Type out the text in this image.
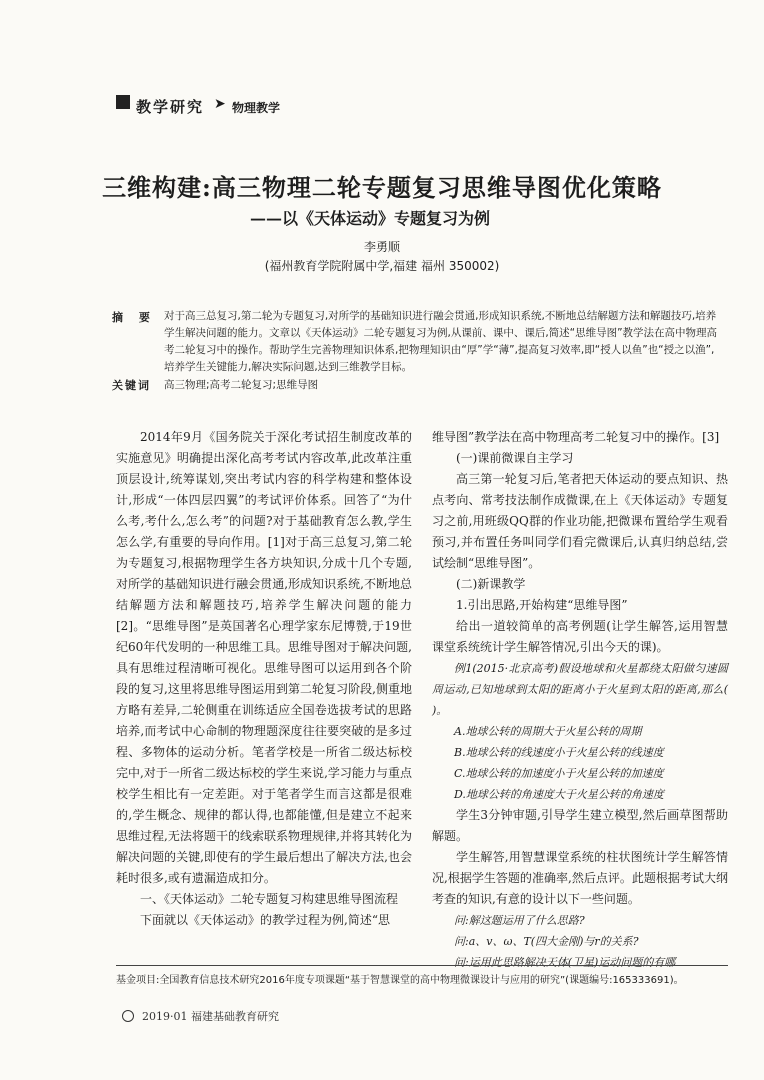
教学研究 ➤ 物理教学
三维构建:高三物理二轮专题复习思维导图优化策略
——以《天体运动》专题复习为例
李勇顺
(福州教育学院附属中学,福建 福州 350002)
摘 要 对于高三总复习,第二轮为专题复习,对所学的基础知识进行融会贯通,形成知识系统,不断地总结解题方法和解题技巧,培养学生解决问题的能力。文章以《天体运动》二轮专题复习为例,从课前、课中、课后,简述“思维导图”教学法在高中物理高考二轮复习中的操作。帮助学生完善物理知识体系,把物理知识由“厚”学“薄”,提高复习效率,即“授人以鱼”也“授之以渔”,培养学生关键能力,解决实际问题,达到三维教学目标。

关键词 高三物理;高考二轮复习;思维导图

2014年9月《国务院关于深化考试招生制度改革的实施意见》明确提出深化高考考试内容改革,此改革注重顶层设计,统筹谋划,突出考试内容的科学构建和整体设计,形成“一体四层四翼”的考试评价体系。回答了“为什么考,考什么,怎么考”的问题?对于基础教育怎么教,学生怎么学,有重要的导向作用。[1]对于高三总复习,第二轮为专题复习,根据物理学生各方块知识,分成十几个专题,对所学的基础知识进行融会贯通,形成知识系统,不断地总结解题方法和解题技巧,培养学生解决问题的能力[2]。“思维导图”是英国著名心理学家东尼博赞,于19世纪60年代发明的一种思维工具。思维导图对于解决问题,具有思维过程清晰可视化。思维导图可以运用到各个阶段的复习,这里将思维导图运用到第二轮复习阶段,侧重地方略有差异,二轮侧重在训练适应全国卷选拔考试的思路培养,而考试中心命制的物理题深度往往要突破的是多过程、多物体的运动分析。笔者学校是一所省二级达标校完中,对于一所省二级达标校的学生来说,学习能力与重点校学生相比有一定差距。对于笔者学生而言这都是很难的,学生概念、规律的都认得,也都能懂,但是建立不起来思维过程,无法将题干的线索联系物理规律,并将其转化为解决问题的关键,即使有的学生最后想出了解决方法,也会耗时很多,或有遗漏造成扣分。

一、《天体运动》二轮专题复习构建思维导图流程

下面就以《天体运动》的教学过程为例,简述“思

维导图”教学法在高中物理高考二轮复习中的操作。[3]

(一)课前微课自主学习

高三第一轮复习后,笔者把天体运动的要点知识、热点考向、常考技法制作成微课,在上《天体运动》专题复习之前,用班级QQ群的作业功能,把微课布置给学生观看预习,并布置任务叫同学们看完微课后,认真归纳总结,尝试绘制“思维导图”。

(二)新课教学

1.引出思路,开始构建“思维导图”

给出一道较简单的高考例题(让学生解答,运用智慧课堂系统统计学生解答情况,引出今天的课)。

例1(2015·北京高考)假设地球和火星都绕太阳做匀速圆周运动,已知地球到太阳的距离小于火星到太阳的距离,那么( )。

A.地球公转的周期大于火星公转的周期

B.地球公转的线速度小于火星公转的线速度

C.地球公转的加速度小于火星公转的加速度

D.地球公转的角速度大于火星公转的角速度

学生3分钟审题,引导学生建立模型,然后画草图帮助解题。

学生解答,用智慧课堂系统的柱状图统计学生解答情况,根据学生答题的准确率,然后点评。此题根据考试大纲考查的知识,有意的设计以下一些问题。

问:解这题运用了什么思路?

问:a、v、ω、T(四大金刚)与r的关系?

问:运用此思路解决天体(卫星)运动问题的有哪

基金项目:全国教育信息技术研究2016年度专项课题“基于智慧课堂的高中物理微课设计与应用的研究”(课题编号:165333691)。
2019·01 福建基础教育研究
